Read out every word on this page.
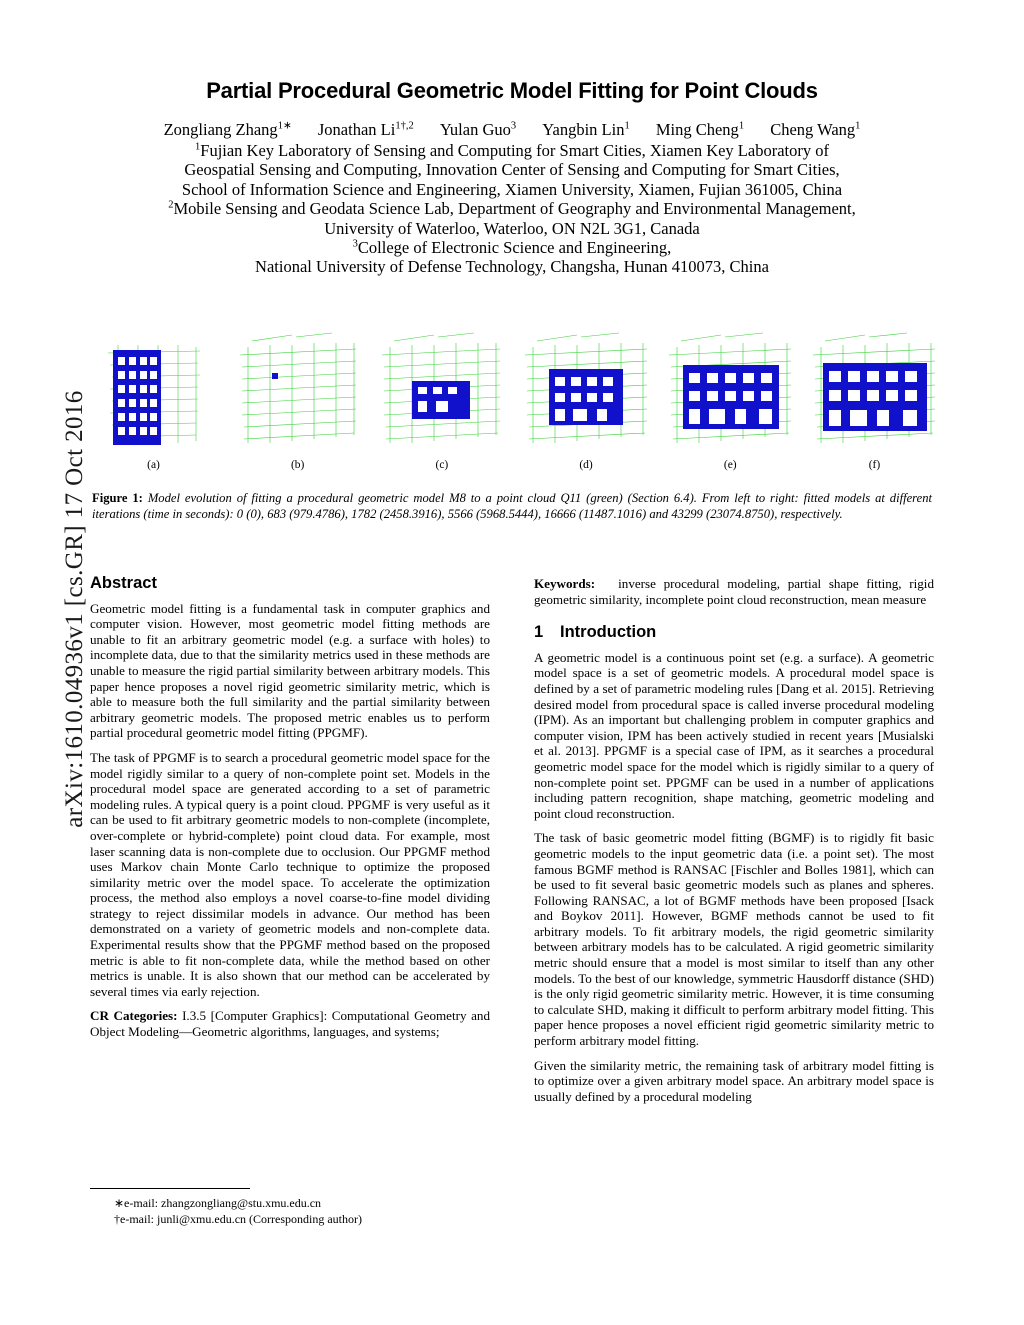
arXiv:1610.04936v1 [cs.GR] 17 Oct 2016
Partial Procedural Geometric Model Fitting for Point Clouds
Zongliang Zhang$^{1∗}$ Jonathan $Li^{1\dagger,2}$ Yulan Guo$^3$ Yangbin Lin$^1$ Ming Cheng$^1$ Cheng Wang$^1$
$^1$Fujian Key Laboratory of Sensing and Computing for Smart Cities, Xiamen Key Laboratory of
Geospatial Sensing and Computing, Innovation Center of Sensing and Computing for Smart Cities,
School of Information Science and Engineering, Xiamen University, Xiamen, Fujian 361005, China
$^2$Mobile Sensing and Geodata Science Lab, Department of Geography and Environmental Management,
University of Waterloo, Waterloo, ON N2L 3G1, Canada
$^3$College of Electronic Science and Engineering,
National University of Defense Technology, Changsha, Hunan 410073, China
(a)	(b)	(c)	(d)	(e)	(f)
Figure 1: Model evolution of fitting a procedural geometric model M8 to a point cloud Q11 (green) (Section 6.4). From left to right: fitted models at different iterations (time in seconds): 0 (0), 683 (979.4786), 1782 (2458.3916), 5566 (5968.5444), 16666 (11487.1016) and 43299 (23074.8750), respectively.
Abstract

Geometric model fitting is a fundamental task in computer graphics and computer vision. However, most geometric model fitting methods are unable to fit an arbitrary geometric model (e.g. a surface with holes) to incomplete data, due to that the similarity metrics used in these methods are unable to measure the rigid partial similarity between arbitrary models. This paper hence proposes a novel rigid geometric similarity metric, which is able to measure both the full similarity and the partial similarity between arbitrary geometric models. The proposed metric enables us to perform partial procedural geometric model fitting (PPGMF).

The task of PPGMF is to search a procedural geometric model space for the model rigidly similar to a query of non-complete point set. Models in the procedural model space are generated according to a set of parametric modeling rules. A typical query is a point cloud. PPGMF is very useful as it can be used to fit arbitrary geometric models to non-complete (incomplete, over-complete or hybrid-complete) point cloud data. For example, most laser scanning data is non-complete due to occlusion. Our PPGMF method uses Markov chain Monte Carlo technique to optimize the proposed similarity metric over the model space. To accelerate the optimization process, the method also employs a novel coarse-to-fine model dividing strategy to reject dissimilar models in advance. Our method has been demonstrated on a variety of geometric models and non-complete data. Experimental results show that the PPGMF method based on the proposed metric is able to fit non-complete data, while the method based on other metrics is unable. It is also shown that our method can be accelerated by several times via early rejection.

CR Categories: I.3.5 [Computer Graphics]: Computational Geometry and Object Modeling—Geometric algorithms, languages, and systems;

∗e-mail: zhangzongliang@stu.xmu.edu.cn
†e-mail: junli@xmu.edu.cn (Corresponding author)

Keywords: inverse procedural modeling, partial shape fitting, rigid geometric similarity, incomplete point cloud reconstruction, mean measure

1 Introduction

A geometric model is a continuous point set (e.g. a surface). A geometric model space is a set of geometric models. A procedural model space is defined by a set of parametric modeling rules [Dang et al. 2015]. Retrieving desired model from procedural space is called inverse procedural modeling (IPM). As an important but challenging problem in computer graphics and computer vision, IPM has been actively studied in recent years [Musialski et al. 2013]. PPGMF is a special case of IPM, as it searches a procedural geometric model space for the model which is rigidly similar to a query of non-complete point set. PPGMF can be used in a number of applications including pattern recognition, shape matching, geometric modeling and point cloud reconstruction.

The task of basic geometric model fitting (BGMF) is to rigidly fit basic geometric models to the input geometric data (i.e. a point set). The most famous BGMF method is RANSAC [Fischler and Bolles 1981], which can be used to fit several basic geometric models such as planes and spheres. Following RANSAC, a lot of BGMF methods have been proposed [Isack and Boykov 2011]. However, BGMF methods cannot be used to fit arbitrary models. To fit arbitrary models, the rigid geometric similarity between arbitrary models has to be calculated. A rigid geometric similarity metric should ensure that a model is most similar to itself than any other models. To the best of our knowledge, symmetric Hausdorff distance (SHD) is the only rigid geometric similarity metric. However, it is time consuming to calculate SHD, making it difficult to perform arbitrary model fitting. This paper hence proposes a novel efficient rigid geometric similarity metric to perform arbitrary model fitting.

Given the similarity metric, the remaining task of arbitrary model fitting is to optimize over a given arbitrary model space. An arbitrary model space is usually defined by a procedural modeling
